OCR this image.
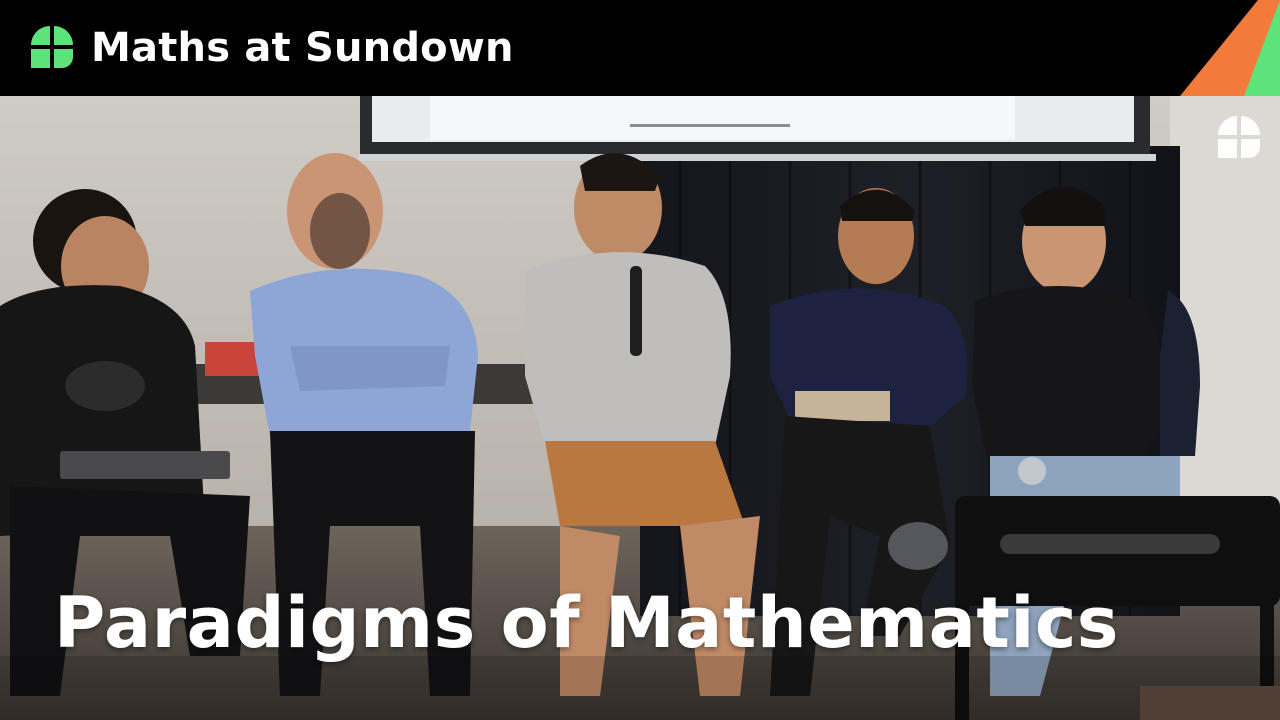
Maths at Sundown
Paradigms of Mathematics
